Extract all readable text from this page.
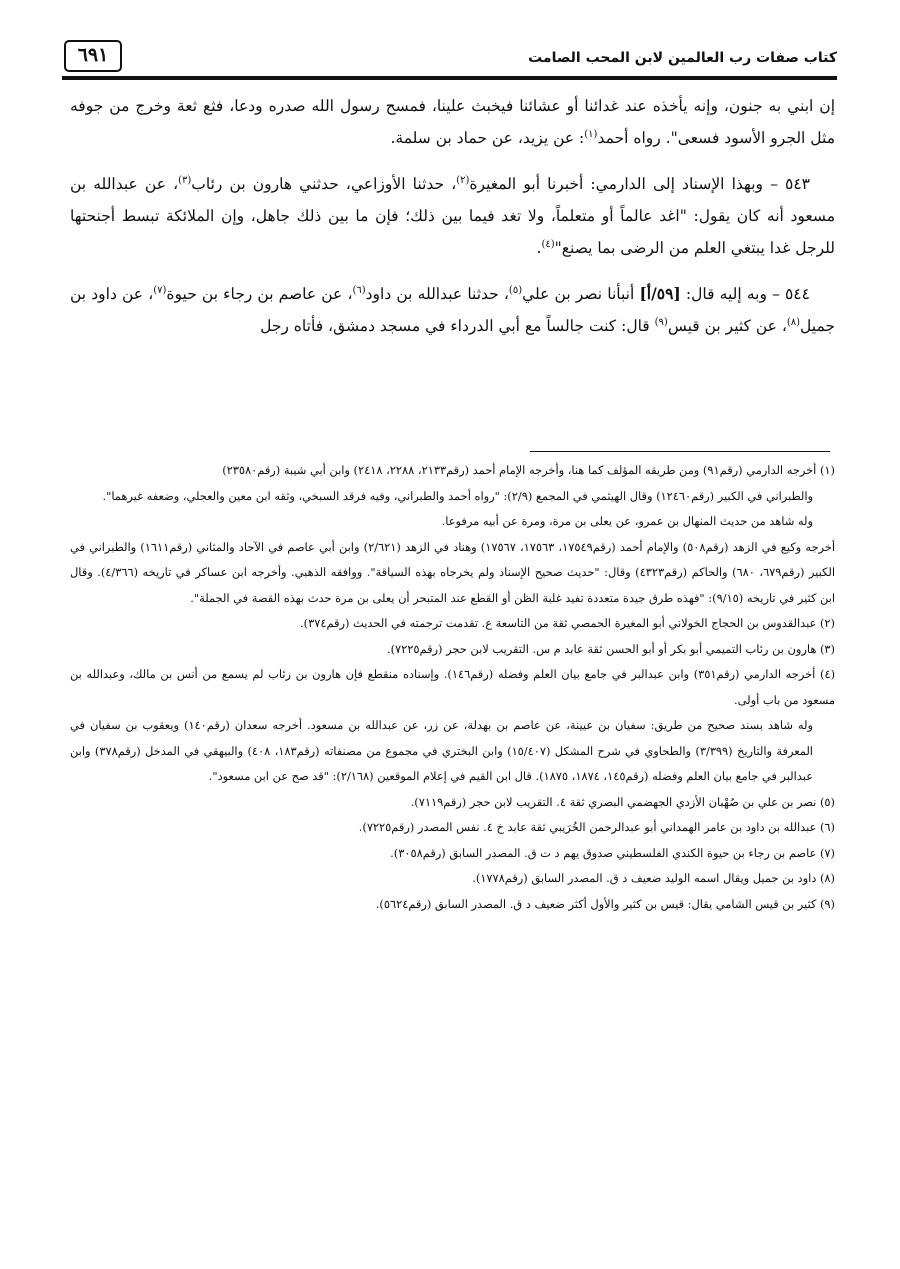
كتاب صفات رب العالمين لابن المحب الصامت
٦٩١

إن ابني به جنون، وإنه يأخذه عند غدائنا أو عشائنا فيخبث علينا، فمسح رسول الله صدره ودعا، فثع ثعة وخرج من جوفه مثل الجرو الأسود فسعى". رواه أحمد$^{(١)}$: عن يزيد، عن حماد بن سلمة.

٥٤٣ – وبهذا الإسناد إلى الدارمي: أخبرنا أبو المغيرة$^{(٢)}$، حدثنا الأوزاعي، حدثني هارون بن رئاب$^{(٣)}$، عن عبدالله بن مسعود أنه كان يقول: "اغد عالماً أو متعلماً، ولا تغد فيما بين ذلك؛ فإن ما بين ذلك جاهل، وإن الملائكة تبسط أجنحتها للرجل غدا يبتغي العلم من الرضى بما يصنع"$^{(٤)}$.

٥٤٤ – وبه إليه قال: [٥٩/أ] أنبأنا نصر بن علي$^{(٥)}$، حدثنا عبدالله بن داود$^{(٦)}$، عن عاصم بن رجاء بن حيوة$^{(٧)}$، عن داود بن جميل$^{(٨)}$، عن كثير بن قيس$^{(٩)}$ قال: كنت جالساً مع أبي الدرداء في مسجد دمشق، فأتاه رجل

(١) أخرجه الدارمي (رقم٩١) ومن طريقه المؤلف كما هنا، وأخرجه الإمام أحمد (رقم٢١٣٣، ٢٢٨٨، ٢٤١٨) وابن أبي شيبة (رقم٢٣٥٨٠)

والطبراني في الكبير (رقم١٢٤٦٠) وقال الهيثمي في المجمع (٢/٩): "رواه أحمد والطبراني، وفيه فرقد السبخي، وثقه ابن معين والعجلي، وضعفه غيرهما".

وله شاهد من حديث المنهال بن عمرو، عن يعلى بن مرة، ومرة عن أبيه مرفوعا.

أخرجه وكيع في الزهد (رقم٥٠٨) والإمام أحمد (رقم١٧٥٤٩، ١٧٥٦٣، ١٧٥٦٧) وهناد في الزهد (٢/٦٢١) وابن أبي عاصم في الآحاد والمثاني (رقم١٦١١) والطبراني في الكبير (رقم٦٧٩، ٦٨٠) والحاكم (رقم٤٣٢٣) وقال: "حديث صحيح الإسناد ولم يخرجاه بهذه السياقة". ووافقه الذهبي. وأخرجه ابن عساكر في تاريخه (٤/٣٦٦). وقال ابن كثير في تاريخه (٩/١٥): "فهذه طرق جيدة متعددة تفيد غلبة الظن أو القطع عند المتبحر أن يعلى بن مرة حدث بهذه القصة في الجملة".

(٢) عبدالقدوس بن الحجاج الخولاني أبو المغيرة الحمصي ثقة من التاسعة ع. تقدمت ترجمته في الحديث (رقم٣٧٤).

(٣) هارون بن رئاب التميمي أبو بكر أو أبو الحسن ثقة عابد م س. التقريب لابن حجر (رقم٧٢٢٥).

(٤) أخرجه الدارمي (رقم٣٥١) وابن عبدالبر في جامع بيان العلم وفضله (رقم١٤٦). وإسناده منقطع فإن هارون بن رئاب لم يسمع من أنس بن مالك، وعبدالله بن مسعود من باب أولى.

وله شاهد بسند صحيح من طريق: سفيان بن عيينة، عن عاصم بن بهدلة، عن زر، عن عبدالله بن مسعود. أخرجه سعدان (رقم١٤٠) ويعقوب بن سفيان في المعرفة والتاريخ (٣/٣٩٩) والطحاوي في شرح المشكل (١٥/٤٠٧) وابن البختري في مجموع من مصنفاته (رقم١٨٣، ٤٠٨) والبيهقي في المدخل (رقم٣٧٨) وابن عبدالبر في جامع بيان العلم وفضله (رقم١٤٥، ١٨٧٤، ١٨٧٥). قال ابن القيم في إعلام الموقعين (٢/١٦٨): "قد صح عن ابن مسعود".

(٥) نصر بن علي بن صُهْبان الأزدي الجهضمي البصري ثقة ٤. التقريب لابن حجر (رقم٧١١٩).

(٦) عبدالله بن داود بن عامر الهمداني أبو عبدالرحمن الخُرَيبي ثقة عابد خ ٤. نفس المصدر (رقم٧٢٢٥).

(٧) عاصم بن رجاء بن حيوة الكندي الفلسطيني صدوق يهم د ت ق. المصدر السابق (رقم٣٠٥٨).

(٨) داود بن جميل ويقال اسمه الوليد ضعيف د ق. المصدر السابق (رقم١٧٧٨).

(٩) كثير بن قيس الشامي يقال: قيس بن كثير والأول أكثر ضعيف د ق. المصدر السابق (رقم٥٦٢٤).
